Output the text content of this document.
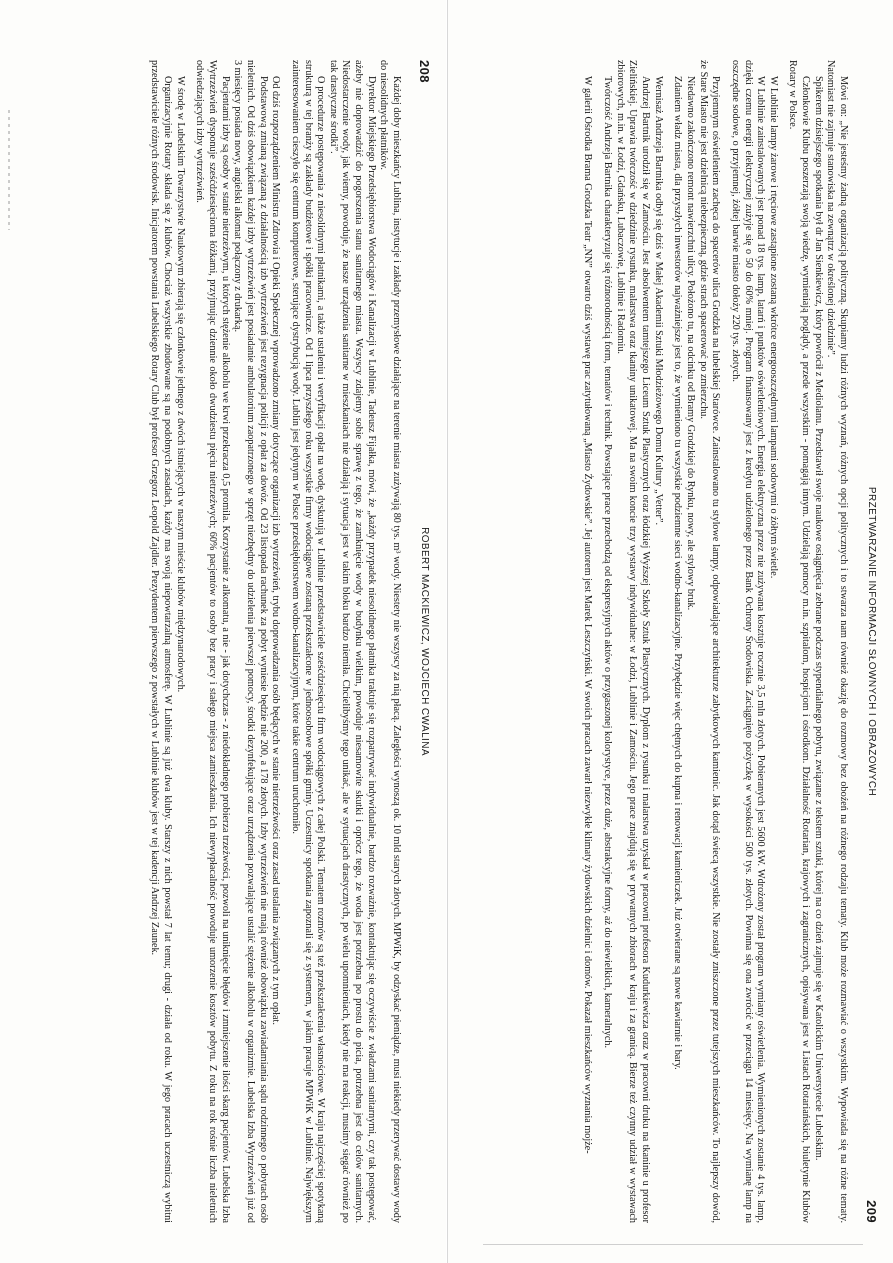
208
ROBERT MACKIEWICZ, WOJCIECH CWALINA

Każdej doby mieszkańcy Lublina, instytucje i zakłady przemysłowe działające na terenie miasta zużywają 80 tys. m³ wody. Niestety nie wszyscy za nią płacą. Zaległości wynoszą ok. 10 mld starych złotych. MPWiK, by odzyskać pieniądze, musi niekiedy przerywać dostawy wody do niesolidnych płatników.

Dyrektor Miejskiego Przedsiębiorstwa Wodociągów i Kanalizacji w Lublinie, Tadeusz Fijałka, mówi, że „każdy przypadek niesolidnego płatnika traktuje się rozpatrywać indywidualnie, bardzo rozważnie, kontaktując się oczywiście z władzami sanitarnymi, czy tak postępować, ażeby nie doprowadzić do pogorszenia stanu sanitarnego miasta. Wszyscy zdajemy sobie sprawę z tego, że zamknięcie wody w budynku wielkim, powoduje niesamowite skutki i oprócz tego, że woda jest potrzebna po prostu do picia, potrzebna jest do celów sanitarnych. Niedostarczenie wody, jak wiemy, powoduje, że nasze urządzenia sanitarne w mieszkaniach nie działają i sytuacja jest w takim bloku bardzo niemiła. Chcielibyśmy tego unikać, ale w sytuacjach drastycznych, po wielu upomnieniach, kiedy nie ma reakcji, musimy sięgać również po tak drastyczne środki”.

O procedurze postępowania z niesolidnymi płatnikami, a także ustaleniu i weryfikacji opłat na wodę, dyskutują w Lublinie przedstawiciele sześćdziesięciu firm wodociągowych z całej Polski. Tematem rozmów są też przekształcenia własnościowe. W kraju najczęściej spotykaną strukturą w tej branży są zakłady budżetowe i spółki pracownicze. Od 1 lipca przyszłego roku wszystkie firmy wodociągowe zostaną przekształcone w jednoosobowe spółki gminy. Uczestnicy spotkania zapoznali się z systemem, w jakim pracuje MPWiK w Lublinie. Największym zainteresowaniem cieszyło się centrum komputerowe, sterujące dystrybucją wody. Lublin jest jedynym w Polsce przedsiębiorstwem wodno-kanalizacyjnym, które takie centrum uruchomiło.

Od dziś rozporządzeniem Ministra Zdrowia i Opieki Społecznej wprowadzono zmiany dotyczące organizacji izb wytrzeźwień, trybu doprowadzania osób będących w stanie nietrzeźwości oraz zasad ustalania związanych z tym opłat.

Podstawową zmianą związaną z działalnością izb wytrzeźwień jest rezygnacja policji z opłat za dowóz. Od 23 listopada rachunek za pobyt wyniesie będzie nie 200, a 178 złotych. Izby wytrzeźwień nie mają również obowiązku zawiadamiania sądu rodzinnego o pobytach osób nieletnich. Od dziś obowiązkiem każdej izby wytrzeźwień jest posiadanie ambulatorium zaopatrzonego w sprzęt niezbędny do udzielenia pierwszej pomocy, środki dezynfekujące oraz urządzenia pozwalające ustalić stężenie alkoholu w organizmie. Lubelska Izba Wytrzeźwień już od 3 miesięcy posiada nowy, angielski alkomat połączony z drukarką.

Pacjentami izby są osoby w stanie nietrzeźwym, u których stężenie alkoholu we krwi przekracza 0,5 promila. Korzystanie z alkomatu, a nie - jak dotychczas - z niedokładnego probierza trzeźwości, pozwoli na uniknięcie błędów i zmniejszenie ilości skarg pacjentów. Lubelska Izba Wytrzeźwień dysponuje sześćdziesięcioma łóżkami, przyjmując dziennie około dwudziestu pięciu nietrzeźwych; 60% pacjentów to osoby bez pracy i stałego miejsca zamieszkania. Ich niewypłacalność powoduje umorzenie kosztów pobytu. Z roku na rok rośnie liczba nieletnich odwiedzających izby wytrzeźwień.

W środę w Lubelskim Towarzystwie Naukowym zbierają się członkowie jednego z dwóch istniejących w naszym mieście klubów międzynarodowych.

Organizacyjnie Rotary składa się z klubów. Chociaż wszystkie zbudowane są na podobnych zasadach, każdy ma swoją niepowtarzalną atmosferę. W Lublinie są już dwa kluby. Starszy z nich powstał 7 lat temu; drugi - działa od roku. W jego pracach uczestniczą wybitni przedstawiciele różnych środowisk. Inicjatorem powstania Lubelskiego Rotary Club był profesor Grzegorz Leopold Zajdler. Prezydentem pierwszego z powstałych w Lublinie klubów jest w tej kadencji Andrzej Zaunek.	PRZETWARZANIE INFORMACJI SŁOWNYCH I OBRAZOWYCH
209

Mówi on: „Nie jesteśmy żadną organizacją polityczną. Skupiamy ludzi różnych wyznań, różnych opcji politycznych i to stwarza nam również okazję do rozmowy bez oboźeń na różnego rodzaju tematy. Klub może rozmawiać o wszystkim. Wypowiada się na różne tematy. Natomiast nie zajmuje stanowiska na zewnątrz w określonej dziedzinie”.

Spikerem dzisiejszego spotkania był dr Jan Sienkiewicz, który powrócił z Mediolanu. Przedstawił swoje naukowe osiągnięcia zebrane podczas stypendialnego pobytu, związane z tekstem sztuki, której na co dzień zajmuje się w Katolickim Uniwersytecie Lubelskim.

Członkowie Klubu poszerzają swoją wiedzę, wymieniają poglądy, a przede wszystkim - pomagają innym. Udzielają pomocy m.in. szpitalom, hospicjom i ośrodkom. Działalność Rotarian, krajowych i zagranicznych, opisywana jest w Listach Rotariańskich, biuletynie Klubów Rotary w Polsce.

W Lublinie lampy żarowe i rtęciowe zastąpione zostaną wkrótce energooszczędnymi lampami sodowymi o żółtym świetle.

W Lublinie zainstalowanych jest ponad 18 tys. lamp, latarń i punktów oświetleniowych. Energia elektryczna przez nie zużywana kosztuje rocznie 3,5 mln złotych. Pobieranych jest 5600 kW. Wdrożony został program wymiany oświetlenia. Wymienionych zostanie 4 tys. lamp, dzięki czemu energii elektrycznej zużyje się o 50 do 60% mniej. Program finansowany jest z kredytu udzielonego przez Bank Ochrony Środowiska. Zaciągnięto pożyczkę w wysokości 500 tys. złotych. Powinna się ona zwrócić w przeciągu 14 miesięcy. Na wymianę lamp na oszczędne sodowe, o przyjemnej, żółtej barwie miasto dołoży 220 tys. złotych.

Przyjemnym oświetleniem zachęca do spacerów ulica Grodzka na lubelskiej Starówce. Zainstalowano tu stylowe lampy, odpowiadające architekturze zabytkowych kamienic. Jak dotąd świecą wszystkie. Nie zostały zniszczone przez tutejszych mieszkańców. To najlepszy dowód, że Stare Miasto nie jest dzielnicą niebezpieczną, gdzie strach spacerować po zmierzchu.

Niedawno zakończono remont nawierzchni ulicy. Położono tu, na odcinku od Bramy Grodzkiej do Rynku, nowy, ale stylowy bruk.

Zdaniem władz miasta, dla przyszłych inwestorów najważniejsze jest to, że wymieniono tu wszystkie podziemne sieci wodno-kanalizacyjne. Przybędzie więc chętnych do kupna i renowacji kamieniczek. Już otwierane są nowe kawiarnie i bary.

Wernisaż Andrzeja Bartnika odbył się dziś w Małej Akademii Sztuki Młodzieżowego Domu Kultury „Vetter”.

Andrzej Bartnik urodził się w Zamościu. Jest absolwentem tamtejszego Liceum Sztuk Plastycznych oraz łódzkiej Wyższej Szkoły Sztuk Plastycznych. Dyplom z rysunku i malarstwa uzyskał w pracowni profesora Kudurkiewicza oraz w pracowni druku na tkaninie u profesor Zielińskiej. Uprawia twórczość w dziedzinie rysunku, malarstwa oraz tkaniny unikatowej. Ma na swoim koncie trzy wystawy indywidualne: w Łodzi, Lublinie i Zamościu. Jego prace znajdują się w prywatnych zbiorach w kraju i za granicą. Bierze też czynny udział w wystawach zbiorowych, m.in. w Łodzi, Gdańsku, Lubaczowie, Lublinie i Radomiu.

Twórczość Andrzeja Bartnika charakteryzuje się różnorodnością form, tematów i technik. Powstające prace przechodzą od ekspresyjnych aktów o przygaszonej kolorystyce, przez duże, abstrakcyjne formy, aż do niewielkich, kameralnych.

W galerii Ośrodka Brama Grodzka Teatr „NN” otwarto dziś wystawę prac zatytułowaną „Miasto Żydowskie”. Jej autorem jest Marek Leszczyński. W swoich pracach zawarł niezwykłe klimaty żydowskich dzielnic i domów. Pokazał mieszkańców wyznania mojże-
